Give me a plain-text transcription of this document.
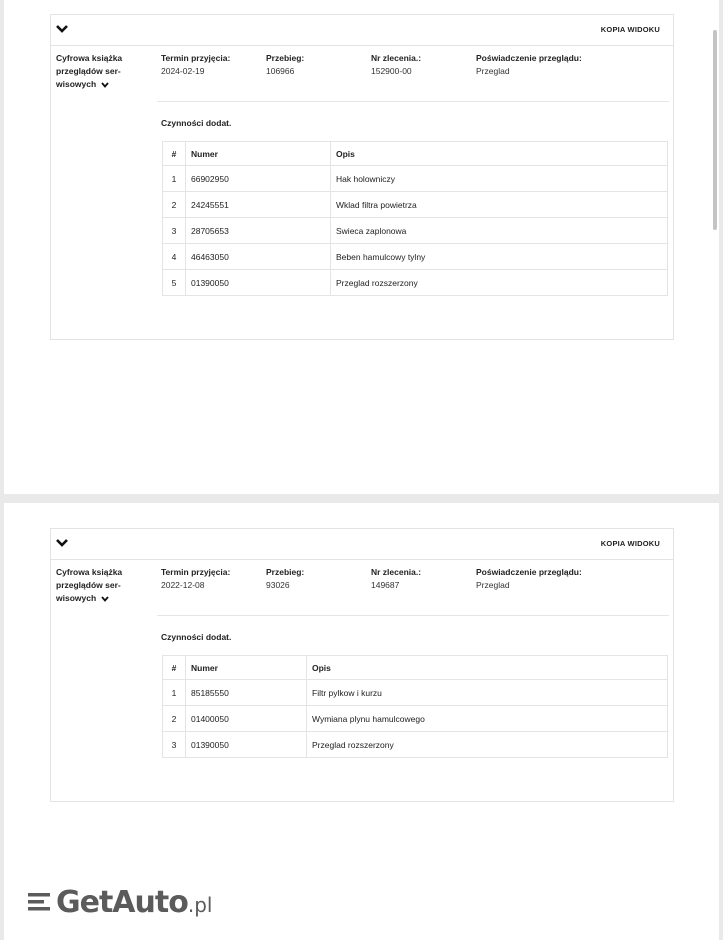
KOPIA WIDOKU
Cyfrowa książka przeglądów ser-wisowych
Termin przyjęcia:
2024-02-19
Przebieg:
106966
Nr zlecenia.:
152900-00
Poświadczenie przeglądu:
Przeglad
Czynności dodat.
#	Numer	Opis
1	66902950	Hak holowniczy
2	24245551	Wklad filtra powietrza
3	28705653	Swieca zaplonowa
4	46463050	Beben hamulcowy tylny
5	01390050	Przeglad rozszerzony
KOPIA WIDOKU
Cyfrowa książka przeglądów ser-wisowych
Termin przyjęcia:
2022-12-08
Przebieg:
93026
Nr zlecenia.:
149687
Poświadczenie przeglądu:
Przeglad
Czynności dodat.
#	Numer	Opis
1	85185550	Filtr pylkow i kurzu
2	01400050	Wymiana plynu hamulcowego
3	01390050	Przeglad rozszerzony
GetAuto.pl
